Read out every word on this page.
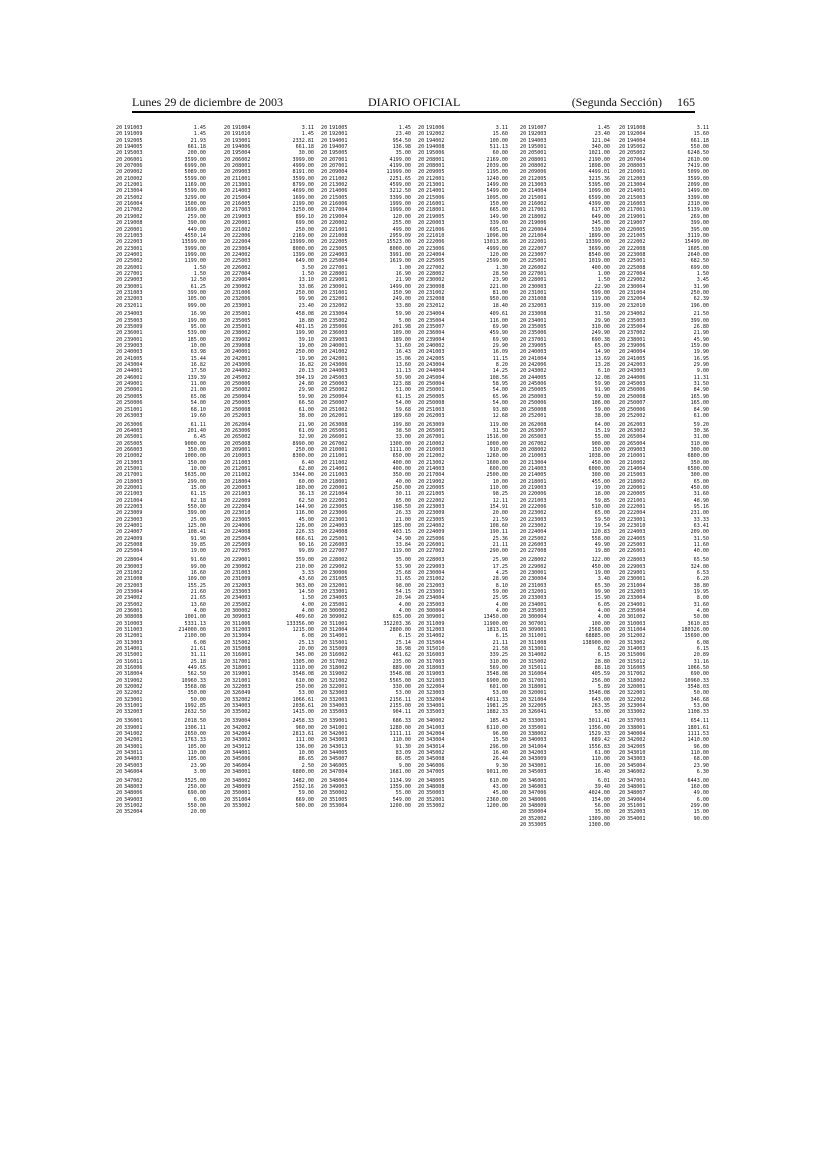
Lunes 29 de diciembre de 2003	DIARIO OFICIAL	(Segunda Sección)     165
20 191003	1.45
20 191009	1.45
20 192005	21.93
20 194005	661.18
20 195003	200.00
20 206001	3599.00
20 207006	6999.00
20 209002	5089.00
20 210002	5599.00
20 212001	1169.00
20 213004	5599.00
20 215002	3299.00
20 216004	1500.00
20 217002	1699.00
20 219002	259.00
20 219008	390.00
20 220001	449.00
20 221003	4550.14
20 222003	13599.00
20 223001	3999.00
20 224001	1999.00
20 225002	1199.00
20 226001	1.50
20 227001	1.50
20 229003	12.50
20 230001	61.25
20 231003	399.00
20 232003	105.00
20 232011	999.00
20 234003	16.90
20 235003	199.00
20 235009	95.00
20 236001	539.00
20 239001	185.00
20 239003	10.00
20 240003	63.98
20 241005	15.44
20 243004	16.82
20 244001	17.50
20 246001	139.39
20 249001	11.00
20 250001	21.00
20 250005	65.08
20 250006	54.00
20 251001	68.10
20 263003	19.60
20 263006	61.11
20 264003	201.40
20 265001	6.45
20 265005	9000.00
20 266003	350.00
20 210002	1000.00
20 213003	150.00
20 215001	10.00
20 217001	5635.00
20 218003	299.00
20 220001	15.00
20 221003	61.15
20 221004	62.18
20 222003	550.00
20 223009	399.00
20 223003	25.00
20 224001	125.00
20 224007	108.41
20 224009	91.90
20 225008	39.85
20 225004	19.00
20 228004	91.60
20 230003	99.00
20 231002	16.60
20 231008	109.00
20 232003	155.25
20 233004	21.60
20 234002	21.65
20 235002	13.60
20 236001	4.00
20 308008	1001.00
20 310003	5331.13
20 311003	214000.00
20 312001	2100.00
20 313003	6.08
20 314001	21.61
20 315001	31.11
20 316011	25.18
20 316006	449.65
20 318004	562.50
20 319002	10960.33
20 320002	3568.08
20 322002	350.00
20 323001	50.00
20 331001	1992.85
20 332003	2632.50
20 336001	2018.50
20 339001	1306.11
20 341002	2650.00
20 342001	1763.33
20 343001	105.00
20 343011	110.00
20 344003	105.00
20 345003	23.90
20 346004	3.00
20 347002	3525.00
20 348003	250.00
20 348006	690.00
20 349003	6.00
20 351002	550.00
20 352004	20.00
20 191004	3.11
20 191010	1.45
20 193001	2332.81
20 194006	661.18
20 195004	30.00
20 206002	3999.00
20 208001	4999.00
20 209003	8191.00
20 211001	3599.00
20 213001	8799.00
20 214003	4699.00
20 215004	1699.00
20 216005	2199.00
20 217003	3250.00
20 219003	899.10
20 220001	699.00
20 221002	250.00
20 222006	2169.00
20 222004	13999.00
20 223004	8000.00
20 224002	1399.00
20 225003	649.00
20 226002	3.50
20 227004	1.50
20 229004	13.10
20 230002	33.86
20 231006	250.00
20 232006	99.90
20 233001	23.40
20 235001	458.08
20 235005	18.80
20 235001	401.15
20 238002	199.90
20 239002	39.10
20 239008	19.00
20 240001	250.00
20 242001	19.90
20 243006	16.82
20 244002	20.13
20 245002	394.19
20 250006	24.80
20 250002	29.90
20 250004	59.90
20 250005	66.50
20 250008	61.00
20 252003	38.00
20 262004	21.90
20 263006	61.09
20 265002	32.90
20 205008	8990.00
20 209001	250.00
20 210003	8300.00
20 211003	6.40
20 212001	62.80
20 211002	3344.00
20 218004	60.00
20 220003	180.00
20 221003	36.13
20 222009	62.50
20 222004	144.90
20 223010	116.00
20 223005	45.00
20 224006	126.00
20 224008	226.33
20 225004	666.61
20 225009	90.16
20 227005	99.89
20 229001	359.00
20 230002	210.00
20 231003	3.33
20 231009	43.60
20 232003	363.00
20 233003	14.50
20 234003	1.50
20 235002	4.00
20 300002	4.00
20 309003	409.60
20 311006	133356.00
20 312003	1215.00
20 313004	6.08
20 315002	25.13
20 315008	20.00
20 316001	345.00
20 317001	1305.00
20 318001	1110.00
20 319001	3548.08
20 321001	610.00
20 322003	250.00
20 326049	53.00
20 332002	1066.61
20 334003	2036.61
20 335002	1415.00
20 339004	2458.33
20 342002	960.00
20 342004	2813.61
20 343002	111.00
20 343012	136.00
20 344001	10.00
20 345006	86.65
20 346004	2.50
20 348001	6800.00
20 348002	1482.00
20 348009	2592.16
20 350001	59.00
20 351004	669.00
20 353002	500.00
20 191005	1.45
20 192001	23.40
20 194001	954.50
20 194007	136.98
20 195005	35.00
20 207001	4199.00
20 207001	4199.00
20 209004	11999.00
20 211002	2251.65
20 213002	4599.00
20 214006	3212.50
20 215005	3399.00
20 216006	1999.00
20 217004	1999.00
20 219004	120.00
20 220002	255.00
20 221001	499.00
20 221008	2959.09
20 222005	15523.00
20 223005	8000.00
20 224003	3991.00
20 225004	1619.00
20 227001	1.00
20 228001	16.90
20 229001	21.90
20 230001	1499.00
20 231001	150.90
20 232001	249.00
20 232002	33.80
20 233004	59.90
20 235002	5.00
20 235006	201.98
20 236003	109.00
20 239003	189.00
20 240001	31.60
20 241002	16.43
20 242001	15.06
20 243006	13.60
20 244003	11.13
20 245003	59.90
20 250003	123.88
20 250002	51.00
20 250004	61.15
20 250007	54.00
20 251002	59.68
20 262001	189.60
20 263008	199.80
20 265001	38.50
20 266001	33.00
20 267002	1300.00
20 210001	1111.00
20 211001	650.00
20 211002	400.00
20 214001	400.00
20 211003	350.00
20 218001	40.00
20 220001	250.00
20 221004	30.11
20 222001	65.00
20 223005	198.50
20 223006	26.33
20 223001	21.00
20 224003	185.00
20 224008	403.15
20 225001	34.90
20 226003	33.84
20 227007	119.00
20 228002	35.00
20 229002	53.90
20 230006	25.68
20 231005	31.65
20 232001	98.00
20 233001	54.15
20 234005	20.94
20 235001	4.00
20 300002	4.00
20 309002	635.00
20 311001	352203.36
20 312004	2800.00
20 314001	6.15
20 315001	25.14
20 315009	38.98
20 316002	461.62
20 317002	235.00
20 318002	889.00
20 319002	3548.08
20 321002	5565.00
20 322001	330.00
20 323003	53.00
20 332003	2156.11
20 334003	2155.00
20 335003	904.11
20 339001	686.33
20 341001	1280.00
20 342001	1111.11
20 343003	110.00
20 343013	91.30
20 344005	83.09
20 345007	86.05
20 346005	9.00
20 347004	1681.00
20 348004	1134.99
20 349003	1359.00
20 350002	55.00
20 351005	549.00
20 353004	1200.00
20 191006	3.11
20 192002	15.60
20 194002	100.00
20 194008	511.13
20 195006	60.00
20 208001	2169.00
20 208001	2039.00
20 209005	1195.00
20 212001	1240.00
20 213001	1499.00
20 214001	5499.00
20 215006	1095.00
20 216001	150.00
20 218001	665.00
20 219005	149.90
20 220003	339.00
20 221006	695.01
20 221010	1096.00
20 222006	13013.86
20 223006	4999.00
20 224004	120.00
20 225005	2599.00
20 227002	1.30
20 228002	28.50
20 230002	23.90
20 230008	221.00
20 231002	81.00
20 232008	950.00
20 232012	18.40
20 234004	409.61
20 235004	116.00
20 235007	69.90
20 236004	459.90
20 239004	69.90
20 240002	29.90
20 241003	16.09
20 242005	11.15
20 243004	8.20
20 244004	14.25
20 245004	108.56
20 250004	58.95
20 250001	54.00
20 250005	65.96
20 250008	54.00
20 251003	93.80
20 262003	12.68
20 263009	119.00
20 265001	31.50
20 267001	1516.00
20 210002	1000.00
20 210003	910.00
20 212002	1260.00
20 213002	1600.00
20 214003	600.00
20 217004	2500.00
20 219002	10.00
20 220005	110.00
20 221005	98.25
20 222002	12.11
20 223003	154.91
20 223009	20.00
20 223005	21.59
20 224002	108.60
20 224009	190.11
20 225006	25.36
20 226001	21.11
20 227002	290.00
20 228003	25.90
20 229003	17.25
20 230004	4.25
20 231002	28.90
20 232003	8.10
20 233001	59.00
20 234004	25.95
20 235003	4.00
20 300004	4.00
20 309001	13450.00
20 311009	11900.00
20 312003	1813.01
20 314002	6.15
20 315004	21.11
20 315010	21.58
20 316003	339.25
20 317003	310.00
20 318003	569.00
20 319003	3548.08
20 321003	6900.00
20 322004	601.00
20 323003	53.00
20 332004	4011.33
20 334001	1981.25
20 335003	1882.33
20 340002	185.43
20 341003	6110.00
20 342004	96.00
20 343004	15.50
20 343014	296.00
20 345002	16.40
20 345008	26.44
20 346006	9.30
20 347005	9011.00
20 348005	610.00
20 348008	43.00
20 350003	45.00
20 352001	2360.00
20 353002	1200.00
20 191007	1.45
20 192003	23.40
20 194003	121.04
20 195001	340.00
20 205001	1021.00
20 208001	2190.00
20 208002	1898.00
20 209006	4499.01
20 212005	3215.36
20 213003	5395.00
20 214004	1099.00
20 215001	6599.00
20 216002	4399.00
20 217001	617.00
20 218002	649.00
20 219006	345.00
20 220004	539.00
20 221004	1899.00
20 222001	13399.00
20 222007	3699.00
20 223007	8540.00
20 225001	1019.00
20 226002	400.00
20 227001	1.00
20 228001	1.50
20 230003	22.90
20 231001	599.00
20 231008	119.00
20 232003	319.00
20 233008	31.50
20 234001	29.90
20 235005	310.00
20 235006	249.90
20 237001	690.38
20 239005	65.00
20 240003	14.90
20 241004	13.69
20 242006	13.28
20 243002	6.10
20 244005	12.08
20 245006	59.90
20 250005	91.90
20 250003	59.00
20 250006	106.00
20 250008	59.00
20 252001	38.00
20 262008	64.00
20 263007	15.19
20 265003	55.00
20 267002	900.00
20 208002	150.00
20 210003	1038.00
20 213004	450.00
20 214003	6000.00
20 214005	300.00
20 218001	455.00
20 219003	19.00
20 220006	18.00
20 221003	59.85
20 222006	510.00
20 223002	65.00
20 223003	59.50
20 223002	19.54
20 224004	120.83
20 225002	558.00
20 226003	49.90
20 227008	19.80
20 228002	122.00
20 229002	450.00
20 230001	19.00
20 230004	3.40
20 231003	65.30
20 232001	99.90
20 233003	15.90
20 234001	6.05
20 235003	4.00
20 300004	4.00
20 307001	100.00
20 309001	2568.00
20 311001	68885.00
20 311008	138900.00
20 313001	6.02
20 314002	6.15
20 315002	28.80
20 315011	88.18
20 316004	405.59
20 317001	256.00
20 318001	5.89
20 320001	3548.08
20 321004	643.00
20 322005	263.35
20 326041	53.00
20 333001	3011.41
20 335001	1356.00
20 338002	1529.33
20 340003	689.42
20 341004	1556.83
20 342003	61.00
20 343009	110.00
20 343001	16.00
20 345003	16.40
20 346001	6.01
20 346003	39.40
20 347006	4024.00
20 348006	154.00
20 348009	56.00
20 350004	35.00
20 352002	1309.00
20 353005	1300.00
20 191008	3.11
20 192004	15.60
20 194004	661.18
20 195002	550.00
20 205002	6248.50
20 207004	2610.00
20 208003	7419.00
20 210001	5099.00
20 212003	3599.00
20 213004	2099.00
20 214001	1499.00
20 215003	3399.00
20 216003	2310.00
20 217001	5139.00
20 219001	269.00
20 219007	399.00
20 220005	395.00
20 221005	3119.00
20 222002	15499.00
20 222008	1605.00
20 223008	2640.00
20 225001	682.50
20 225008	699.00
20 227004	1.50
20 229002	3.45
20 230004	31.90
20 231004	250.00
20 232004	62.39
20 232010	196.00
20 234002	21.50
20 235003	399.00
20 235004	26.80
20 237002	21.90
20 238001	45.90
20 239006	159.00
20 240004	19.90
20 241005	16.95
20 242003	29.90
20 243003	9.00
20 244006	11.31
20 245003	31.50
20 250006	84.90
20 250008	165.90
20 250007	165.00
20 250006	84.90
20 252002	61.00
20 262003	59.20
20 263002	30.36
20 265004	31.00
20 265004	310.00
20 209003	300.00
20 210001	6800.00
20 210002	350.00
20 214004	6500.00
20 215003	300.00
20 218002	65.00
20 220001	450.00
20 220005	31.60
20 221001	48.90
20 222001	95.16
20 222004	231.00
20 223001	33.33
20 223010	63.41
20 224003	209.00
20 224005	31.50
20 225003	11.60
20 226001	40.00
20 228003	65.50
20 229003	324.00
20 229001	6.53
20 230001	6.20
20 231004	38.80
20 232003	19.95
20 233004	8.00
20 234001	31.60
20 235004	4.00
20 301002	50.00
20 310003	3610.83
20 311004	180326.00
20 312002	15690.00
20 313002	6.08
20 314003	6.15
20 315006	20.89
20 315012	31.16
20 316005	1066.50
20 317002	690.00
20 318002	10960.33
20 320001	3548.03
20 322001	50.00
20 322002	346.68
20 323004	53.00
20 333002	1108.33
20 337003	654.11
20 338001	1801.61
20 340004	1111.53
20 342002	1410.00
20 342005	96.00
20 343010	110.00
20 343003	68.00
20 345004	23.90
20 346002	6.30
20 347001	6443.00
20 348001	160.00
20 348007	49.00
20 349004	6.00
20 351001	299.00
20 352003	15.00
20 354001	90.00
